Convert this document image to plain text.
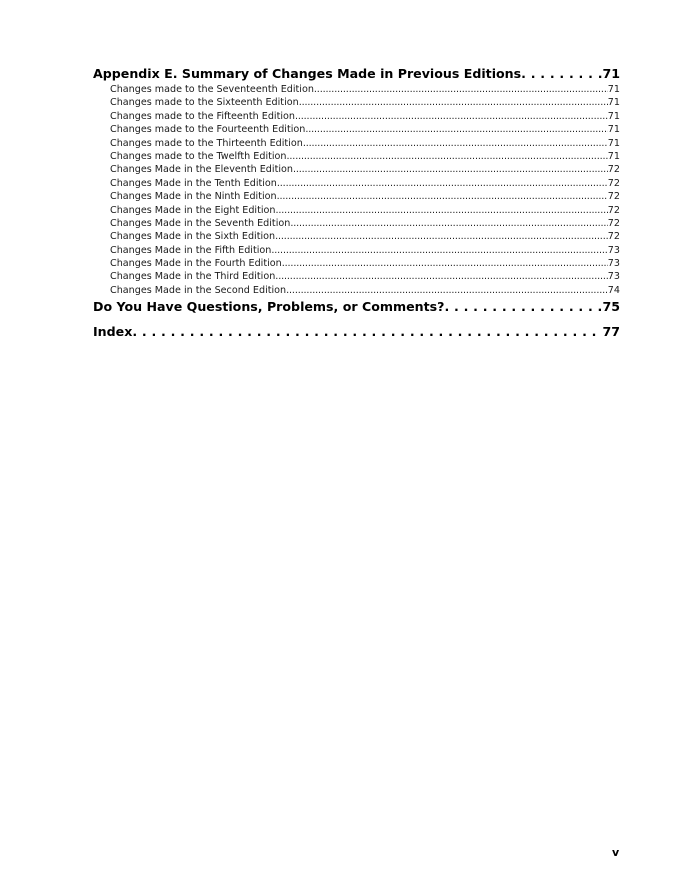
Appendix E. Summary of Changes Made in Previous Editions . . .	71
Changes made to the Seventeenth Edition . . .	71
Changes made to the Sixteenth Edition . . .	71
Changes made to the Fifteenth Edition . . .	71
Changes made to the Fourteenth Edition . . .	71
Changes made to the Thirteenth Edition . . .	71
Changes made to the Twelfth Edition . . .	71
Changes Made in the Eleventh Edition . . .	72
Changes Made in the Tenth Edition . . .	72
Changes Made in the Ninth Edition . . .	72
Changes Made in the Eight Edition . . .	72
Changes Made in the Seventh Edition . . .	72
Changes Made in the Sixth Edition . . .	72
Changes Made in the Fifth Edition . . .	73
Changes Made in the Fourth Edition . . .	73
Changes Made in the Third Edition . . .	73
Changes Made in the Second Edition . . .	74
Do You Have Questions, Problems, or Comments? . . .	75
Index . . .	77
v
